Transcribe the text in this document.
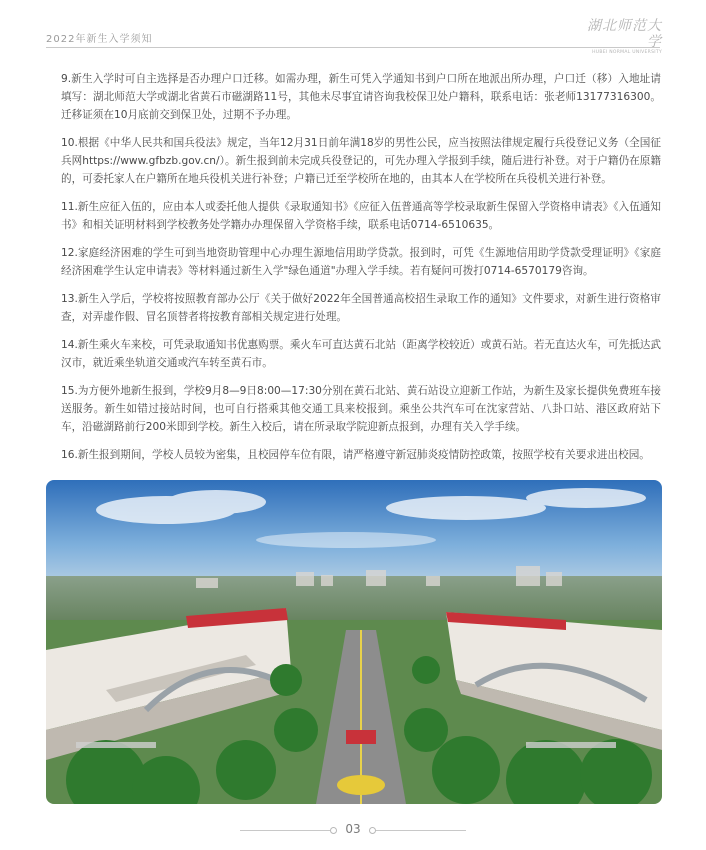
2022年新生入学须知
湖北师范大学
HUBEI NORMAL UNIVERSITY

9.新生入学时可自主选择是否办理户口迁移。如需办理，新生可凭入学通知书到户口所在地派出所办理，户口迁（移）入地址请填写：湖北师范大学或湖北省黄石市磁湖路11号，其他未尽事宜请咨询我校保卫处户籍科，联系电话：张老师13177316300。迁移证须在10月底前交到保卫处，过期不予办理。

10.根据《中华人民共和国兵役法》规定，当年12月31日前年满18岁的男性公民，应当按照法律规定履行兵役登记义务（全国征兵网https://www.gfbzb.gov.cn/）。新生报到前未完成兵役登记的，可先办理入学报到手续，随后进行补登。对于户籍仍在原籍的，可委托家人在户籍所在地兵役机关进行补登；户籍已迁至学校所在地的，由其本人在学校所在兵役机关进行补登。

11.新生应征入伍的，应由本人或委托他人提供《录取通知书》《应征入伍普通高等学校录取新生保留入学资格申请表》《入伍通知书》和相关证明材料到学校教务处学籍办办理保留入学资格手续，联系电话0714-6510635。

12.家庭经济困难的学生可到当地资助管理中心办理生源地信用助学贷款。报到时，可凭《生源地信用助学贷款受理证明》《家庭经济困难学生认定申请表》等材料通过新生入学"绿色通道"办理入学手续。若有疑问可拨打0714-6570179咨询。

13.新生入学后，学校将按照教育部办公厅《关于做好2022年全国普通高校招生录取工作的通知》文件要求，对新生进行资格审查，对弄虚作假、冒名顶替者将按教育部相关规定进行处理。

14.新生乘火车来校，可凭录取通知书优惠购票。乘火车可直达黄石北站（距离学校较近）或黄石站。若无直达火车，可先抵达武汉市，就近乘坐轨道交通或汽车转至黄石市。

15.为方便外地新生报到，学校9月8—9日8:00—17:30分别在黄石北站、黄石站设立迎新工作站，为新生及家长提供免费班车接送服务。新生如错过接站时间，也可自行搭乘其他交通工具来校报到。乘坐公共汽车可在沈家营站、八卦口站、港区政府站下车，沿磁湖路前行200米即到学校。新生入校后，请在所录取学院迎新点报到，办理有关入学手续。

16.新生报到期间，学校人员较为密集，且校园停车位有限，请严格遵守新冠肺炎疫情防控政策，按照学校有关要求进出校园。

03
